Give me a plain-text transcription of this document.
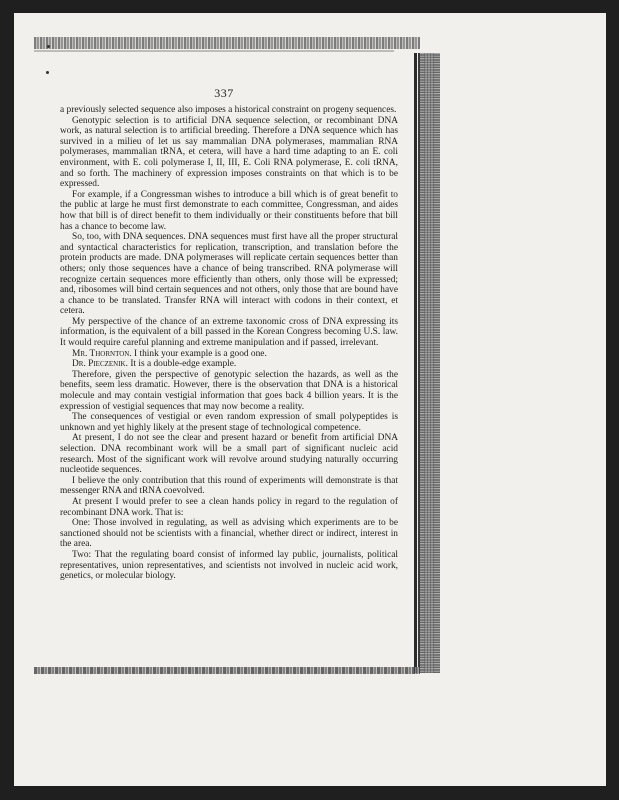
337

a previously selected sequence also imposes a historical constraint on progeny sequences.

Genotypic selection is to artificial DNA sequence selection, or recombinant DNA work, as natural selection is to artificial breeding. Therefore a DNA sequence which has survived in a milieu of let us say mammalian DNA polymerases, mammalian RNA polymerases, mammalian tRNA, et cetera, will have a hard time adapting to an E. coli environment, with E. coli polymerase I, II, III, E. Coli RNA polymerase, E. coli tRNA, and so forth. The machinery of expression imposes constraints on that which is to be expressed.

For example, if a Congressman wishes to introduce a bill which is of great benefit to the public at large he must first demonstrate to each committee, Congressman, and aides how that bill is of direct benefit to them individually or their constituents before that bill has a chance to become law.

So, too, with DNA sequences. DNA sequences must first have all the proper structural and syntactical characteristics for replication, transcription, and translation before the protein products are made. DNA polymerases will replicate certain sequences better than others; only those sequences have a chance of being transcribed. RNA polymerase will recognize certain sequences more efficiently than others, only those will be expressed; and, ribosomes will bind certain sequences and not others, only those that are bound have a chance to be translated. Transfer RNA will interact with codons in their context, et cetera.

My perspective of the chance of an extreme taxonomic cross of DNA expressing its information, is the equivalent of a bill passed in the Korean Congress becoming U.S. law. It would require careful planning and extreme manipulation and if passed, irrelevant.

Mr. Thornton. I think your example is a good one.

Dr. Pieczenik. It is a double-edge example.

Therefore, given the perspective of genotypic selection the hazards, as well as the benefits, seem less dramatic. However, there is the observation that DNA is a historical molecule and may contain vestigial information that goes back 4 billion years. It is the expression of vestigial sequences that may now become a reality.

The consequences of vestigial or even random expression of small polypeptides is unknown and yet highly likely at the present stage of technological competence.

At present, I do not see the clear and present hazard or benefit from artificial DNA selection. DNA recombinant work will be a small part of significant nucleic acid research. Most of the significant work will revolve around studying naturally occurring nucleotide sequences.

I believe the only contribution that this round of experiments will demonstrate is that messenger RNA and tRNA coevolved.

At present I would prefer to see a clean hands policy in regard to the regulation of recombinant DNA work. That is:

One: Those involved in regulating, as well as advising which experiments are to be sanctioned should not be scientists with a financial, whether direct or indirect, interest in the area.

Two: That the regulating board consist of informed lay public, journalists, political representatives, union representatives, and scientists not involved in nucleic acid work, genetics, or molecular biology.
